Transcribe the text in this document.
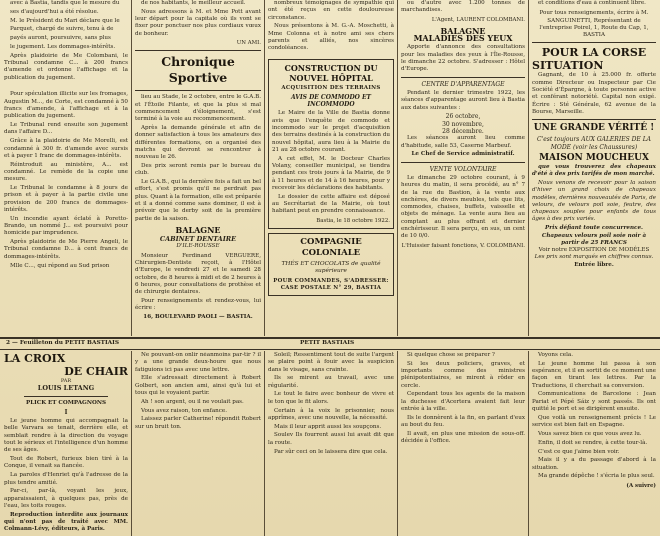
avec à Bastia, tandis que le mesure du

ses d'aujourd'hui a été résolue.

M. le Président du Mari déclare que le

Parquet, chargé de suivre, tenu à de

payés auront, poursuivre, sans plus

le jugement. Les dommages-intérêts.

Après plaidoirie de Me Colombani, le Tribunal condamne C... à 200 francs d'amende et ordonne l'affichage et la publication du jugement.

Pour spéculation illicite sur les fromages, Augustin M..., de Corte, est condamné à 50 francs d'amende, à l'affichage et à la publication du jugement.

Le Tribunal rend ensuite son jugement dans l'affaire D...

Grâce à la plaidoirie de Me Morelli, est condamné à 300 fr. d'amende avec sursis et à payer 1 franc de dommages-intérêts.

Réintroduit au ministère, A... est condamné. Le remède de la copie une mesure.

Le Tribunal le condamne à 8 jours de prison et à payer à la partie civile une provision de 200 francs de dommages-intérêts.

Un incendie ayant éclaté à Poretto-Brando, un nommé J... est poursuivi pour homicide par imprudence.

Après plaidoirie de Me Pierre Angeli, le Tribunal condamne D... à cent francs de dommages-intérêts.

Mlle C..., qui répond au Sud prison

de nos habitants, le meilleur accueil.

Nous adressons à M. et Mme Pott avant leur départ pour la capitale où ils vont se fixer pour ponctuer nos plus cordiaux vœux de bonheur.

UN AMI.
Chronique Sportive

lieu au Stade, le 2 octobre, entre le G.A.B. et l'Étoile Filante, et que la plus si mal commencement d'éloignement, s'est terminé à la voie au recommencement.

Après la demande générale et afin de donner satisfaction à tous les amateurs des différentes formations, on a organisé des matchs qui devront se rencontrer à nouveau le 26.

Des prix seront remis par le bureau du club.

Le G.A.B., qui la dernière fois a fait un bel effort, s'est promis qu'il ne perdrait pas plus. Quant à la formation, elle est préparée et il a donné comme sans dominer, il est à prévoir que le derby soit de la première partie de la saison.

BALAGNE
CABINET DENTAIRE
D'ILE-ROUSSE

Monsieur Ferdinand VERGUERE, Chirurgien-Dentiste reçoit, à l'Hôtel d'Europe, le vendredi 27 et le samedi 28 octobre, de 8 heures à midi et de 2 heures à 6 heures, pour consultations de prothèse et de chirurgie dentaires.

Pour renseignements et rendez-vous, lui écrire :

16, BOULEVARD PAOLI — BASTIA.

nombreux témoignages de sympathie qui ont été reçus en cette douloureuse circonstance.

Nous présentons à M. G.-A. Moschetti, à Mme Colonna et à notre ami ses chers parents et alliés, nos sincères condoléances.

CONSTRUCTION DU NOUVEL HÔPITAL
ACQUISITION DES TERRAINS
AVIS DE COMMODO ET INCOMMODO

Le Maire de la Ville de Bastia donne avis que l'enquête de commodo et incommodo sur le projet d'acquisition des terrains destinés à la construction du nouvel hôpital, aura lieu à la Mairie du 21 au 28 octobre courant.

A cet effet, M. le Docteur Charles Volany, conseiller municipal, se tiendra pendant ces trois jours à la Mairie, de 9 à 11 heures et de 14 à 16 heures, pour y recevoir les déclarations des habitants.

Le dossier de cette affaire est déposé au Secrétariat de la Mairie, où tout habitant peut en prendre connaissance.

Bastia, le 18 octobre 1922.
COMPAGNIE COLONIALE
THÉS ET CHOCOLATS de qualité supérieure
POUR COMMANDES, S'ADRESSER: CASE POSTALE N° 29, BASTIA

ou d'autre avec 1.200 tonnes de marchandises.

L'Agent, LAURENT COLOMBANI.
BALAGNE
MALADIES DES YEUX

Apporte d'annonce des consultations pour les maladies des yeux à l'Île-Rousse, le dimanche 22 octobre. S'adresser : Hôtel d'Europe.

CENTRE D'APPARENTAGE

Pendant le dernier trimestre 1922, les séances d'apparentage auront lieu à Bastia aux dates suivantes :

26 octobre,
30 novembre,
28 décembre.

Les séances auront lieu comme d'habitude, salle 53, Caserne Marbeuf.

Le Chef de Service administratif.
VENTE VOLONTAIRE

Le dimanche 29 octobre courant, à 9 heures du matin, il sera procédé, au n° 7 de la rue du Bastion, à la vente aux enchères, de divers meubles, tels que lits, commodes, chaises, buffets, vaisselle et objets de ménage. La vente aura lieu au comptant au plus offrant et dernier enchérisseur. Il sera perçu, en sus, un cent de 10 0/0.

L'Huissier faisant fonctions, V. COLOMBANI.

et conditions d'eau à continuent libre.

Pour tous renseignements, écrire à M. SANGUINETTI, Représentant de l'entreprise Poirel, 1, Route du Cap, 1, BASTIA
POUR LA CORSE
SITUATION

Gagnant, de 10 à 25.000 fr. offerte comme Directeur ou Inspecteur par Cie Société d'Épargne, à toute personne active et conférant notoriété. Capital non exigé. Écrire : Sté Générale, 62 avenue de la Bourse, Marseille.

UNE GRANDE VÉRITÉ !
C'est toujours AUX GALERIES DE LA MODE (voir les Chaussures)
MAISON MOUCHEUX

que vous trouverez des chapeaux d'été à des prix tarifés de mon marché.

Nous venons de recevoir pour la saison d'hiver un grand choix de chapeaux modèles, dernières nouveautés de Paris, de velours, de velours poil soie, feutre, des chapeaux souples pour enfants de tous âges à des prix variés.

Prix défiant toute concurrence.
Chapeaux velours poil soie noir à partir de 25 FRANCS
Voir notre EXPOSITION DE MODÈLES
Les prix sont marqués en chiffres connus.
Entrée libre.
2 — Feuilleton du PETIT BASTIAIS	PETIT BASTIAIS
LA CROIX
DE CHAIR
PAR
LOUIS LETANG
PLICK ET COMPAGNONS
I

Le jeune homme qui accompagnait la belle Varvara se tenait, derrière elle, et semblait rendre à la direction du voyage tout le sérieux et l'intelligence d'un homme de ses âges.

Tout de Robert, furieux bien tiré à la Conque, il venait sa fiancée.

La paroles d'Henriet qu'à l'adresse de la plus tendre amitié.

Par-ci, par-là, voyant les jeux, apparaissaient, à quelques pas, près de l'eau, les toits rouges.

Reproduction interdite aux journaux qui n'ont pas de traité avec MM. Colmann-Lévy, éditeurs, à Paris.

Ne pouvant-on onlir néanmoins par-tir ? il y a une grande deux-houre que nous fatiguions ici pas avec une lettre.

Elle s'adressait directement à Robert Golbert, son ancien ami, ainsi qu'à lui et tous qui le voyaient partir.

Ah ! son argent, ou il ne voulait pas.

Vous avez raison, ton enfance.

Laissez parler Catherine! répondit Robert sur un bruit ton.

Soleil; Ressentiment tout de suite l'argent se plaire point à fouir avec la suspicion dans le visage, sans crainte.

Ils se mirent au travail, avec une régularité.

Le tout le faire avec bonheur de vivre et le ton que le fit alors.

Certain à la voix le prisonnier, nous apprîmes, avec une nouvelle, la nécessité.

Mais il leur apprit aussi les soupçons.

Soulev Ils fourrent aussi lui avait dit que la route.

Par sûr ceci on le laissera dire que cela.

Si quelque chose se préparer ?

Si les deux policiers, graves, et importants comme des ministres plénipotentiaires, se mirent à rôder en cercle.

Cependant tous les agents de la maison la duchesse d'Acertera avaient fait leur entrée à la ville.

Ils le donnèrent à la fin, en parlant d'eux au bout du feu.

Il avait, en plus une mission de sous-off. décidée à l'office.

Voyons cela.

Le jeune homme lui passa à son espérance, et il en sortit de ce moment une façon en tirant les lettres. Par la Traductions, il cherchait sa conversion.

Communications de Barcelone : Jean Pariat et Pépé Sáiz y sont passés. Ils ont quitté le port et se dirigèrent ensuite.

Que voilà un renseignement précis ! Le service est bien fait en Espagne.

Vous savez bien ce que vous avez lu.

Enfin, il doit se rendre, à cette tour-là.

C'est ce que j'aime bien voir.

Mais il y a du passage d'abord à la situation.

Ma grande dépêche ! s'écria le plus seul.

(A suivre)
